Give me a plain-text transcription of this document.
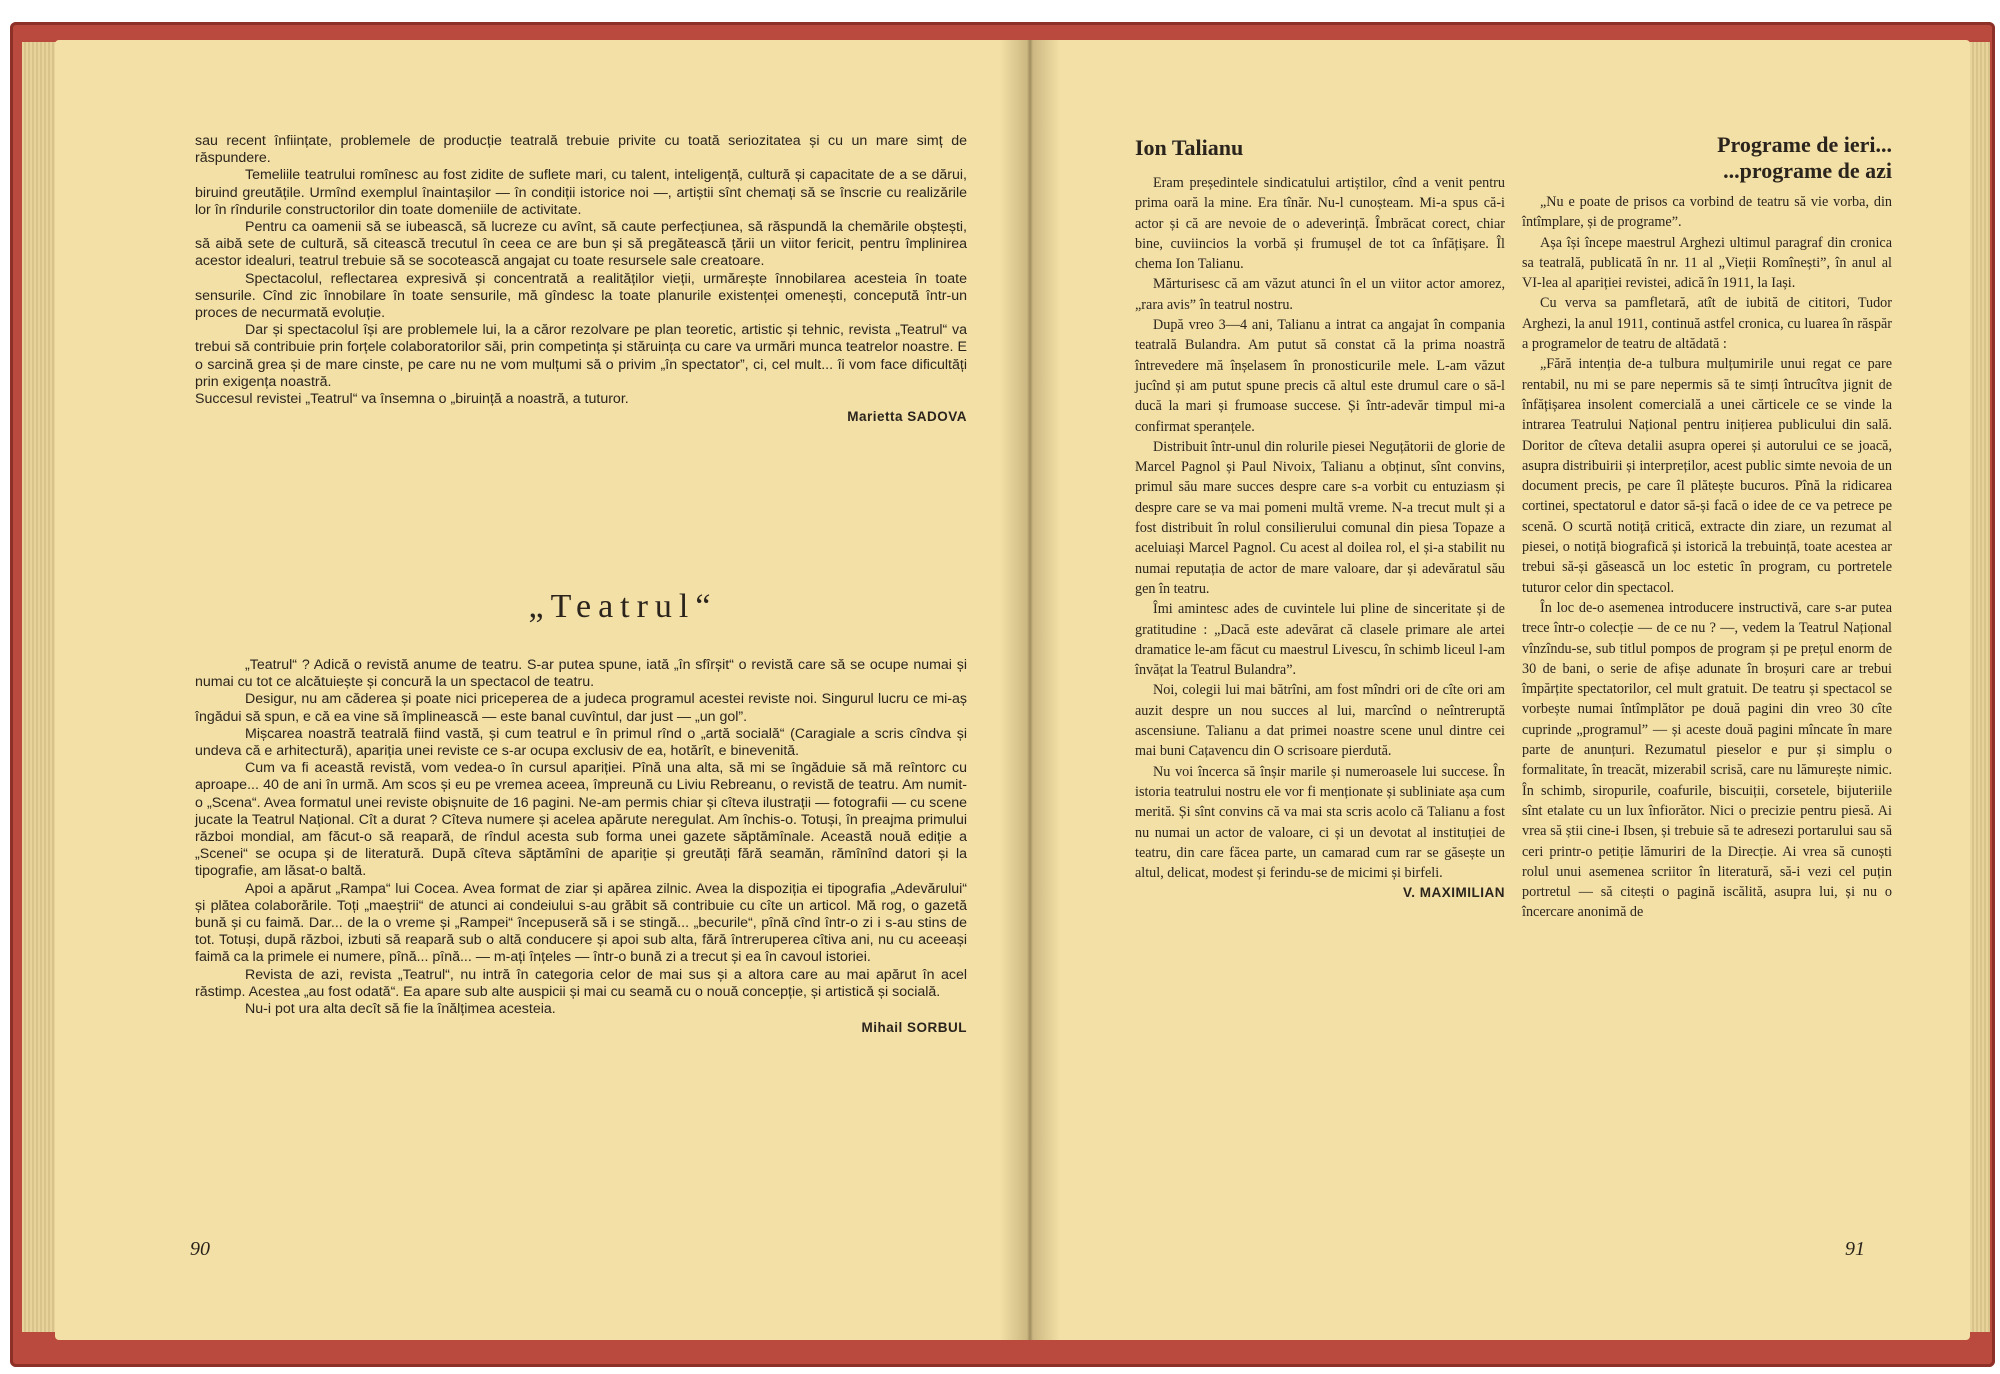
sau recent înființate, problemele de producție teatrală trebuie privite cu toată seriozitatea și cu un mare simț de răspundere.

Temeliile teatrului romînesc au fost zidite de suflete mari, cu talent, inteligență, cultură și capacitate de a se dărui, biruind greutățile. Urmînd exemplul înaintașilor — în condiții istorice noi —, artiștii sînt chemați să se înscrie cu realizările lor în rîndurile constructorilor din toate domeniile de activitate.

Pentru ca oamenii să se iubească, să lucreze cu avînt, să caute perfecțiunea, să răspundă la chemările obștești, să aibă sete de cultură, să citească trecutul în ceea ce are bun și să pregătească țării un viitor fericit, pentru împlinirea acestor idealuri, teatrul trebuie să se socotească angajat cu toate resursele sale creatoare.

Spectacolul, reflectarea expresivă și concentrată a realităților vieții, urmărește înnobilarea acesteia în toate sensurile. Cînd zic înnobilare în toate sensurile, mă gîndesc la toate planurile existenței omenești, concepută într-un proces de necurmată evoluție.

Dar și spectacolul își are problemele lui, la a căror rezolvare pe plan teoretic, artistic și tehnic, revista „Teatrul“ va trebui să contribuie prin forțele colaboratorilor săi, prin competința și stăruința cu care va urmări munca teatrelor noastre. E o sarcină grea și de mare cinste, pe care nu ne vom mulțumi să o privim „în spectator”, ci, cel mult... îi vom face dificultăți prin exigența noastră.

Succesul revistei „Teatrul“ va însemna o „biruință a noastră, a tuturor.

Marietta SADOVA
„Teatrul“

„Teatrul“ ? Adică o revistă anume de teatru. S-ar putea spune, iată „în sfîrșit“ o revistă care să se ocupe numai și numai cu tot ce alcătuiește și concură la un spectacol de teatru.

Desigur, nu am căderea și poate nici priceperea de a judeca programul acestei reviste noi. Singurul lucru ce mi-aș îngădui să spun, e că ea vine să împlinească — este banal cuvîntul, dar just — „un gol”.

Mișcarea noastră teatrală fiind vastă, și cum teatrul e în primul rînd o „artă socială“ (Caragiale a scris cîndva și undeva că e arhitectură), apariția unei reviste ce s-ar ocupa exclusiv de ea, hotărît, e binevenită.

Cum va fi această revistă, vom vedea-o în cursul apariției. Pînă una alta, să mi se îngăduie să mă reîntorc cu aproape... 40 de ani în urmă. Am scos și eu pe vremea aceea, împreună cu Liviu Rebreanu, o revistă de teatru. Am numit-o „Scena“. Avea formatul unei reviste obișnuite de 16 pagini. Ne-am permis chiar și cîteva ilustrații — fotografii — cu scene jucate la Teatrul Național. Cît a durat ? Cîteva numere și acelea apărute neregulat. Am închis-o. Totuși, în preajma primului război mondial, am făcut-o să reapară, de rîndul acesta sub forma unei gazete săptămînale. Această nouă ediție a „Scenei“ se ocupa și de literatură. După cîteva săptămîni de apariție și greutăți fără seamăn, rămînînd datori și la tipografie, am lăsat-o baltă.

Apoi a apărut „Rampa“ lui Cocea. Avea format de ziar și apărea zilnic. Avea la dispoziția ei tipografia „Adevărului“ și plătea colaborările. Toți „maeștrii“ de atunci ai condeiului s-au grăbit să contribuie cu cîte un articol. Mă rog, o gazetă bună și cu faimă. Dar... de la o vreme și „Rampei“ începuseră să i se stingă... „becurile“, pînă cînd într-o zi i s-au stins de tot. Totuși, după război, izbuti să reapară sub o altă conducere și apoi sub alta, fără întreruperea cîtiva ani, nu cu aceeași faimă ca la primele ei numere, pînă... pînă... — m-ați înțeles — într-o bună zi a trecut și ea în cavoul istoriei.

Revista de azi, revista „Teatrul“, nu intră în categoria celor de mai sus și a altora care au mai apărut în acel răstimp. Acestea „au fost odată“. Ea apare sub alte auspicii și mai cu seamă cu o nouă concepție, și artistică și socială.

Nu-i pot ura alta decît să fie la înălțimea acesteia.

Mihail SORBUL
90
Ion Talianu

Eram președintele sindicatului artiștilor, cînd a venit pentru prima oară la mine. Era tînăr. Nu-l cunoșteam. Mi-a spus că-i actor și că are nevoie de o adeverință. Îmbrăcat corect, chiar bine, cuviincios la vorbă și frumușel de tot ca înfățișare. Îl chema Ion Talianu.

Mărturisesc că am văzut atunci în el un viitor actor amorez, „rara avis” în teatrul nostru.

După vreo 3—4 ani, Talianu a intrat ca angajat în compania teatrală Bulandra. Am putut să constat că la prima noastră întrevedere mă înșelasem în pronosticurile mele. L-am văzut jucînd și am putut spune precis că altul este drumul care o să-l ducă la mari și frumoase succese. Și într-adevăr timpul mi-a confirmat speranțele.

Distribuit într-unul din rolurile piesei Neguțătorii de glorie de Marcel Pagnol și Paul Nivoix, Talianu a obținut, sînt convins, primul său mare succes despre care s-a vorbit cu entuziasm și despre care se va mai pomeni multă vreme. N-a trecut mult și a fost distribuit în rolul consilierului comunal din piesa Topaze a aceluiași Marcel Pagnol. Cu acest al doilea rol, el și-a stabilit nu numai reputația de actor de mare valoare, dar și adevăratul său gen în teatru.

Îmi amintesc ades de cuvintele lui pline de sinceritate și de gratitudine : „Dacă este adevărat că clasele primare ale artei dramatice le-am făcut cu maestrul Livescu, în schimb liceul l-am învățat la Teatrul Bulandra”.

Noi, colegii lui mai bătrîni, am fost mîndri ori de cîte ori am auzit despre un nou succes al lui, marcînd o neîntreruptă ascensiune. Talianu a dat primei noastre scene unul dintre cei mai buni Cațavencu din O scrisoare pierdută.

Nu voi încerca să înșir marile și numeroasele lui succese. În istoria teatrului nostru ele vor fi menționate și subliniate așa cum merită. Și sînt convins că va mai sta scris acolo că Talianu a fost nu numai un actor de valoare, ci și un devotat al instituției de teatru, din care făcea parte, un camarad cum rar se găsește un altul, delicat, modest și ferindu-se de micimi și birfeli.

V. MAXIMILIAN
Programe de ieri...
...programe de azi

„Nu e poate de prisos ca vorbind de teatru să vie vorba, din întîmplare, și de programe”.

Așa își începe maestrul Arghezi ultimul paragraf din cronica sa teatrală, publicată în nr. 11 al „Vieții Romînești”, în anul al VI-lea al apariției revistei, adică în 1911, la Iași.

Cu verva sa pamfletară, atît de iubită de cititori, Tudor Arghezi, la anul 1911, continuă astfel cronica, cu luarea în răspăr a programelor de teatru de altădată :

„Fără intenția de-a tulbura mulțumirile unui regat ce pare rentabil, nu mi se pare nepermis să te simți întrucîtva jignit de înfățișarea insolent comercială a unei cărticele ce se vinde la intrarea Teatrului Național pentru inițierea publicului din sală. Doritor de cîteva detalii asupra operei și autorului ce se joacă, asupra distribuirii și interpreților, acest public simte nevoia de un document precis, pe care îl plătește bucuros. Pînă la ridicarea cortinei, spectatorul e dator să-și facă o idee de ce va petrece pe scenă. O scurtă notiță critică, extracte din ziare, un rezumat al piesei, o notiță biografică și istorică la trebuință, toate acestea ar trebui să-și găsească un loc estetic în program, cu portretele tuturor celor din spectacol.

În loc de-o asemenea introducere instructivă, care s-ar putea trece într-o colecție — de ce nu ? —, vedem la Teatrul Național vînzîndu-se, sub titlul pompos de program și pe prețul enorm de 30 de bani, o serie de afișe adunate în broșuri care ar trebui împărțite spectatorilor, cel mult gratuit. De teatru și spectacol se vorbește numai întîmplător pe două pagini din vreo 30 cîte cuprinde „programul” — și aceste două pagini mîncate în mare parte de anunțuri. Rezumatul pieselor e pur și simplu o formalitate, în treacăt, mizerabil scrisă, care nu lămurește nimic. În schimb, siropurile, coafurile, biscuiții, corsetele, bijuteriile sînt etalate cu un lux înfiorător. Nici o precizie pentru piesă. Ai vrea să știi cine-i Ibsen, și trebuie să te adresezi portarului sau să ceri printr-o petiție lămuriri de la Direcție. Ai vrea să cunoști rolul unui asemenea scriitor în literatură, să-i vezi cel puțin portretul — să citești o pagină iscălită, asupra lui, și nu o încercare anonimă de

91
